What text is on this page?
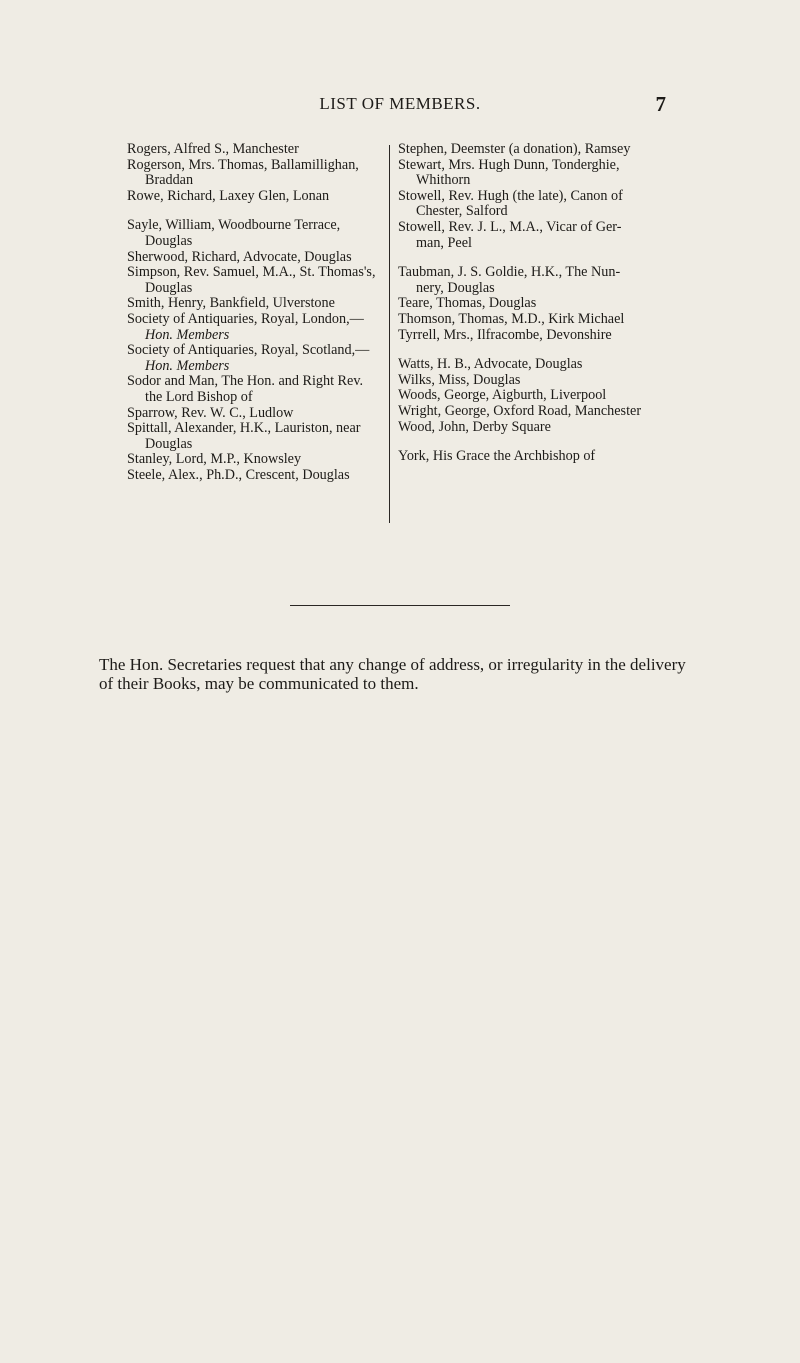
LIST OF MEMBERS.	7
Rogers, Alfred S., Manchester
Rogerson, Mrs. Thomas, Ballamillighan,
Braddan
Rowe, Richard, Laxey Glen, Lonan
Sayle, William, Woodbourne Terrace,
Douglas
Sherwood, Richard, Advocate, Douglas
Simpson, Rev. Samuel, M.A., St. Thomas's,
Douglas
Smith, Henry, Bankfield, Ulverstone
Society of Antiquaries, Royal, London,—
Hon. Members
Society of Antiquaries, Royal, Scotland,—
Hon. Members
Sodor and Man, The Hon. and Right Rev.
the Lord Bishop of
Sparrow, Rev. W. C., Ludlow
Spittall, Alexander, H.K., Lauriston, near
Douglas
Stanley, Lord, M.P., Knowsley
Steele, Alex., Ph.D., Crescent, Douglas
Stephen, Deemster (a donation), Ramsey
Stewart, Mrs. Hugh Dunn, Tonderghie,
Whithorn
Stowell, Rev. Hugh (the late), Canon of
Chester, Salford
Stowell, Rev. J. L., M.A., Vicar of Ger-
man, Peel
Taubman, J. S. Goldie, H.K., The Nun-
nery, Douglas
Teare, Thomas, Douglas
Thomson, Thomas, M.D., Kirk Michael
Tyrrell, Mrs., Ilfracombe, Devonshire
Watts, H. B., Advocate, Douglas
Wilks, Miss, Douglas
Woods, George, Aigburth, Liverpool
Wright, George, Oxford Road, Manchester
Wood, John, Derby Square
York, His Grace the Archbishop of
The Hon. Secretaries request that any change of address, or irregularity in the delivery
of their Books, may be communicated to them.
